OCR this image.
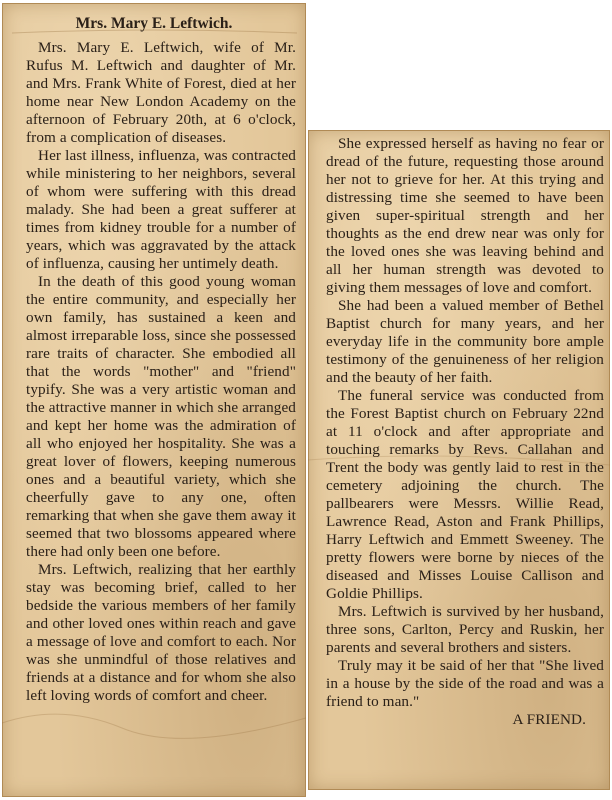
Mrs. Mary E. Leftwich.

Mrs. Mary E. Leftwich, wife of Mr. Rufus M. Leftwich and daughter of Mr. and Mrs. Frank White of Forest, died at her home near New London Academy on the afternoon of February 20th, at 6 o'clock, from a complication of diseases.

Her last illness, influenza, was contracted while ministering to her neighbors, several of whom were suffering with this dread malady. She had been a great sufferer at times from kidney trouble for a number of years, which was aggravated by the attack of influenza, causing her untimely death.

In the death of this good young woman the entire community, and especially her own family, has sustained a keen and almost irreparable loss, since she possessed rare traits of character. She embodied all that the words "mother" and "friend" typify. She was a very artistic woman and the attractive manner in which she arranged and kept her home was the admiration of all who enjoyed her hospitality. She was a great lover of flowers, keeping numerous ones and a beautiful variety, which she cheerfully gave to any one, often remarking that when she gave them away it seemed that two blossoms appeared where there had only been one before.

Mrs. Leftwich, realizing that her earthly stay was becoming brief, called to her bedside the various members of her family and other loved ones within reach and gave a message of love and comfort to each. Nor was she unmindful of those relatives and friends at a distance and for whom she also left loving words of comfort and cheer.

She expressed herself as having no fear or dread of the future, requesting those around her not to grieve for her. At this trying and distressing time she seemed to have been given super-spiritual strength and her thoughts as the end drew near was only for the loved ones she was leaving behind and all her human strength was devoted to giving them messages of love and comfort.

She had been a valued member of Bethel Baptist church for many years, and her everyday life in the community bore ample testimony of the genuineness of her religion and the beauty of her faith.

The funeral service was conducted from the Forest Baptist church on February 22nd at 11 o'clock and after appropriate and touching remarks by Revs. Callahan and Trent the body was gently laid to rest in the cemetery adjoining the church. The pallbearers were Messrs. Willie Read, Lawrence Read, Aston and Frank Phillips, Harry Leftwich and Emmett Sweeney. The pretty flowers were borne by nieces of the diseased and Misses Louise Callison and Goldie Phillips.

Mrs. Leftwich is survived by her husband, three sons, Carlton, Percy and Ruskin, her parents and several brothers and sisters.

Truly may it be said of her that "She lived in a house by the side of the road and was a friend to man."

A FRIEND.
